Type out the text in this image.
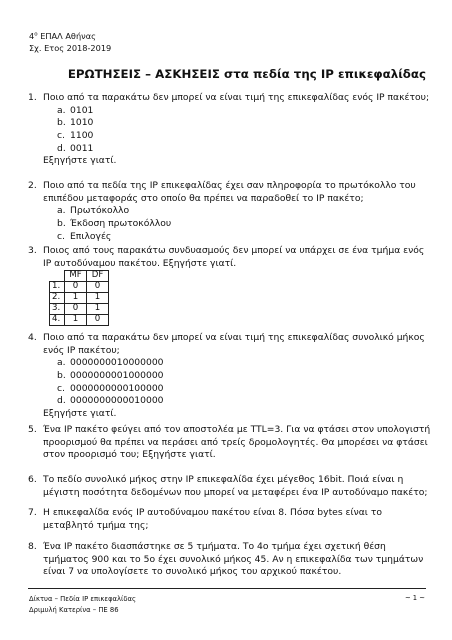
$4^o$ ΕΠΑΛ Αθήνας
Σχ. Ετος 2018-2019
ΕΡΩΤΗΣΕΙΣ – ΑΣΚΗΣΕΙΣ στα πεδία της IP επικεφαλίδας
1. Ποιο από τα παρακάτω δεν μπορεί να είναι τιμή της επικεφαλίδας ενός IP πακέτου;
a. 0101
b. 1010
c. 1100
d. 0011
Εξηγήστε γιατί.
2. Ποιο από τα πεδία της IP επικεφαλίδας έχει σαν πληροφορία το πρωτόκολλο του επιπέδου μεταφοράς στο οποίο θα πρέπει να παραδοθεί το IP πακέτο;
a. Πρωτόκολλο
b. Έκδοση πρωτοκόλλου
c. Επιλογές
3. Ποιος από τους παρακάτω συνδυασμούς δεν μπορεί να υπάρχει σε ένα τμήμα ενός IP αυτοδύναμου πακέτου. Εξηγήστε γιατί.
	MF	DF
1.	0	0
2.	1	1
3.	0	1
4.	1	0
4. Ποιο από τα παρακάτω δεν μπορεί να είναι τιμή της επικεφαλίδας συνολικό μήκος ενός IP πακέτου;
a. 0000000010000000
b. 0000000001000000
c. 0000000000100000
d. 0000000000010000
Εξηγήστε γιατί.
5. Ένα IP πακέτο φεύγει από τον αποστολέα με TTL=3. Για να φτάσει στον υπολογιστή προορισμού θα πρέπει να περάσει από τρείς δρομολογητές. Θα μπορέσει να φτάσει στον προορισμό του; Εξηγήστε γιατί.
6. Το πεδίο συνολικό μήκος στην IP επικεφαλίδα έχει μέγεθος 16bit. Ποιά είναι η μέγιστη ποσότητα δεδομένων που μπορεί να μεταφέρει ένα IP αυτοδύναμο πακέτο;
7. Η επικεφαλίδα ενός IP αυτοδύναμου πακέτου είναι 8. Πόσα bytes είναι το μεταβλητό τμήμα της;
8. Ένα IP πακέτο διασπάστηκε σε 5 τμήματα. Το 4ο τμήμα έχει σχετική θέση τμήματος 900 και το 5ο έχει συνολικό μήκος 45. Αν η επικεφαλίδα των τμημάτων είναι 7 να υπολογίσετε το συνολικό μήκος του αρχικού πακέτου.
Δίκτυα – Πεδία IP επικεφαλίδας
Δριμυλή Κατερίνα – ΠΕ 86
~ 1 ~
